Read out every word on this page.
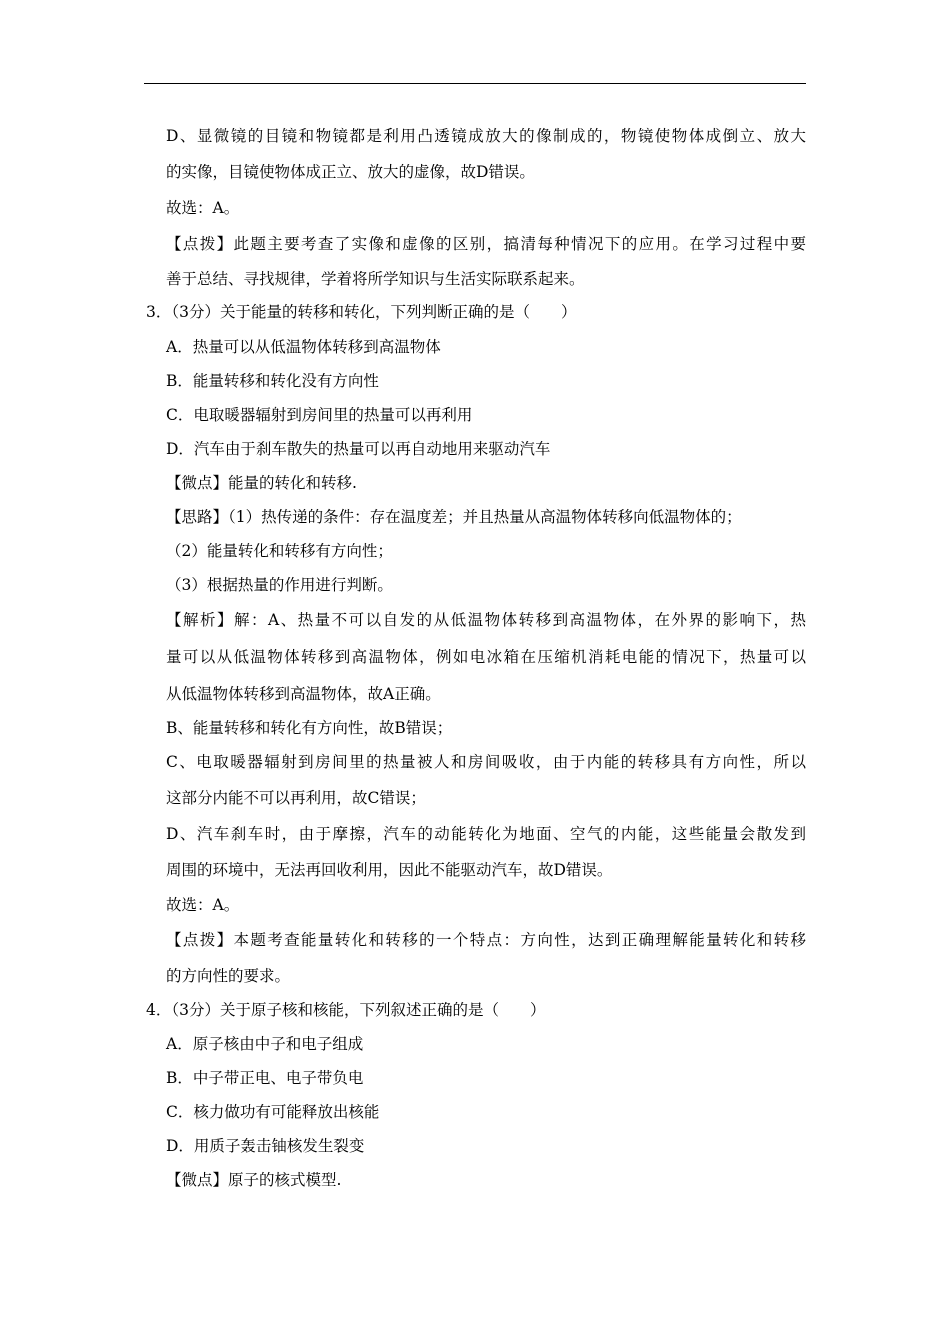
D、显微镜的目镜和物镜都是利用凸透镜成放大的像制成的，物镜使物体成倒立、放大
的实像，目镜使物体成正立、放大的虚像，故D错误。
故选：A。
【点拨】此题主要考查了实像和虚像的区别，搞清每种情况下的应用。在学习过程中要
善于总结、寻找规律，学着将所学知识与生活实际联系起来。
3．（3分）关于能量的转移和转化，下列判断正确的是（　　）
A．热量可以从低温物体转移到高温物体
B．能量转移和转化没有方向性
C．电取暖器辐射到房间里的热量可以再利用
D．汽车由于刹车散失的热量可以再自动地用来驱动汽车
【微点】能量的转化和转移.
【思路】（1）热传递的条件：存在温度差；并且热量从高温物体转移向低温物体的；
（2）能量转化和转移有方向性；
（3）根据热量的作用进行判断。
【解析】解：A、热量不可以自发的从低温物体转移到高温物体，在外界的影响下，热
量可以从低温物体转移到高温物体，例如电冰箱在压缩机消耗电能的情况下，热量可以
从低温物体转移到高温物体，故A正确。
B、能量转移和转化有方向性，故B错误；
C、电取暖器辐射到房间里的热量被人和房间吸收，由于内能的转移具有方向性，所以
这部分内能不可以再利用，故C错误；
D、汽车刹车时，由于摩擦，汽车的动能转化为地面、空气的内能，这些能量会散发到
周围的环境中，无法再回收利用，因此不能驱动汽车，故D错误。
故选：A。
【点拨】本题考查能量转化和转移的一个特点：方向性，达到正确理解能量转化和转移
的方向性的要求。
4．（3分）关于原子核和核能，下列叙述正确的是（　　）
A．原子核由中子和电子组成
B．中子带正电、电子带负电
C．核力做功有可能释放出核能
D．用质子轰击铀核发生裂变
【微点】原子的核式模型.
